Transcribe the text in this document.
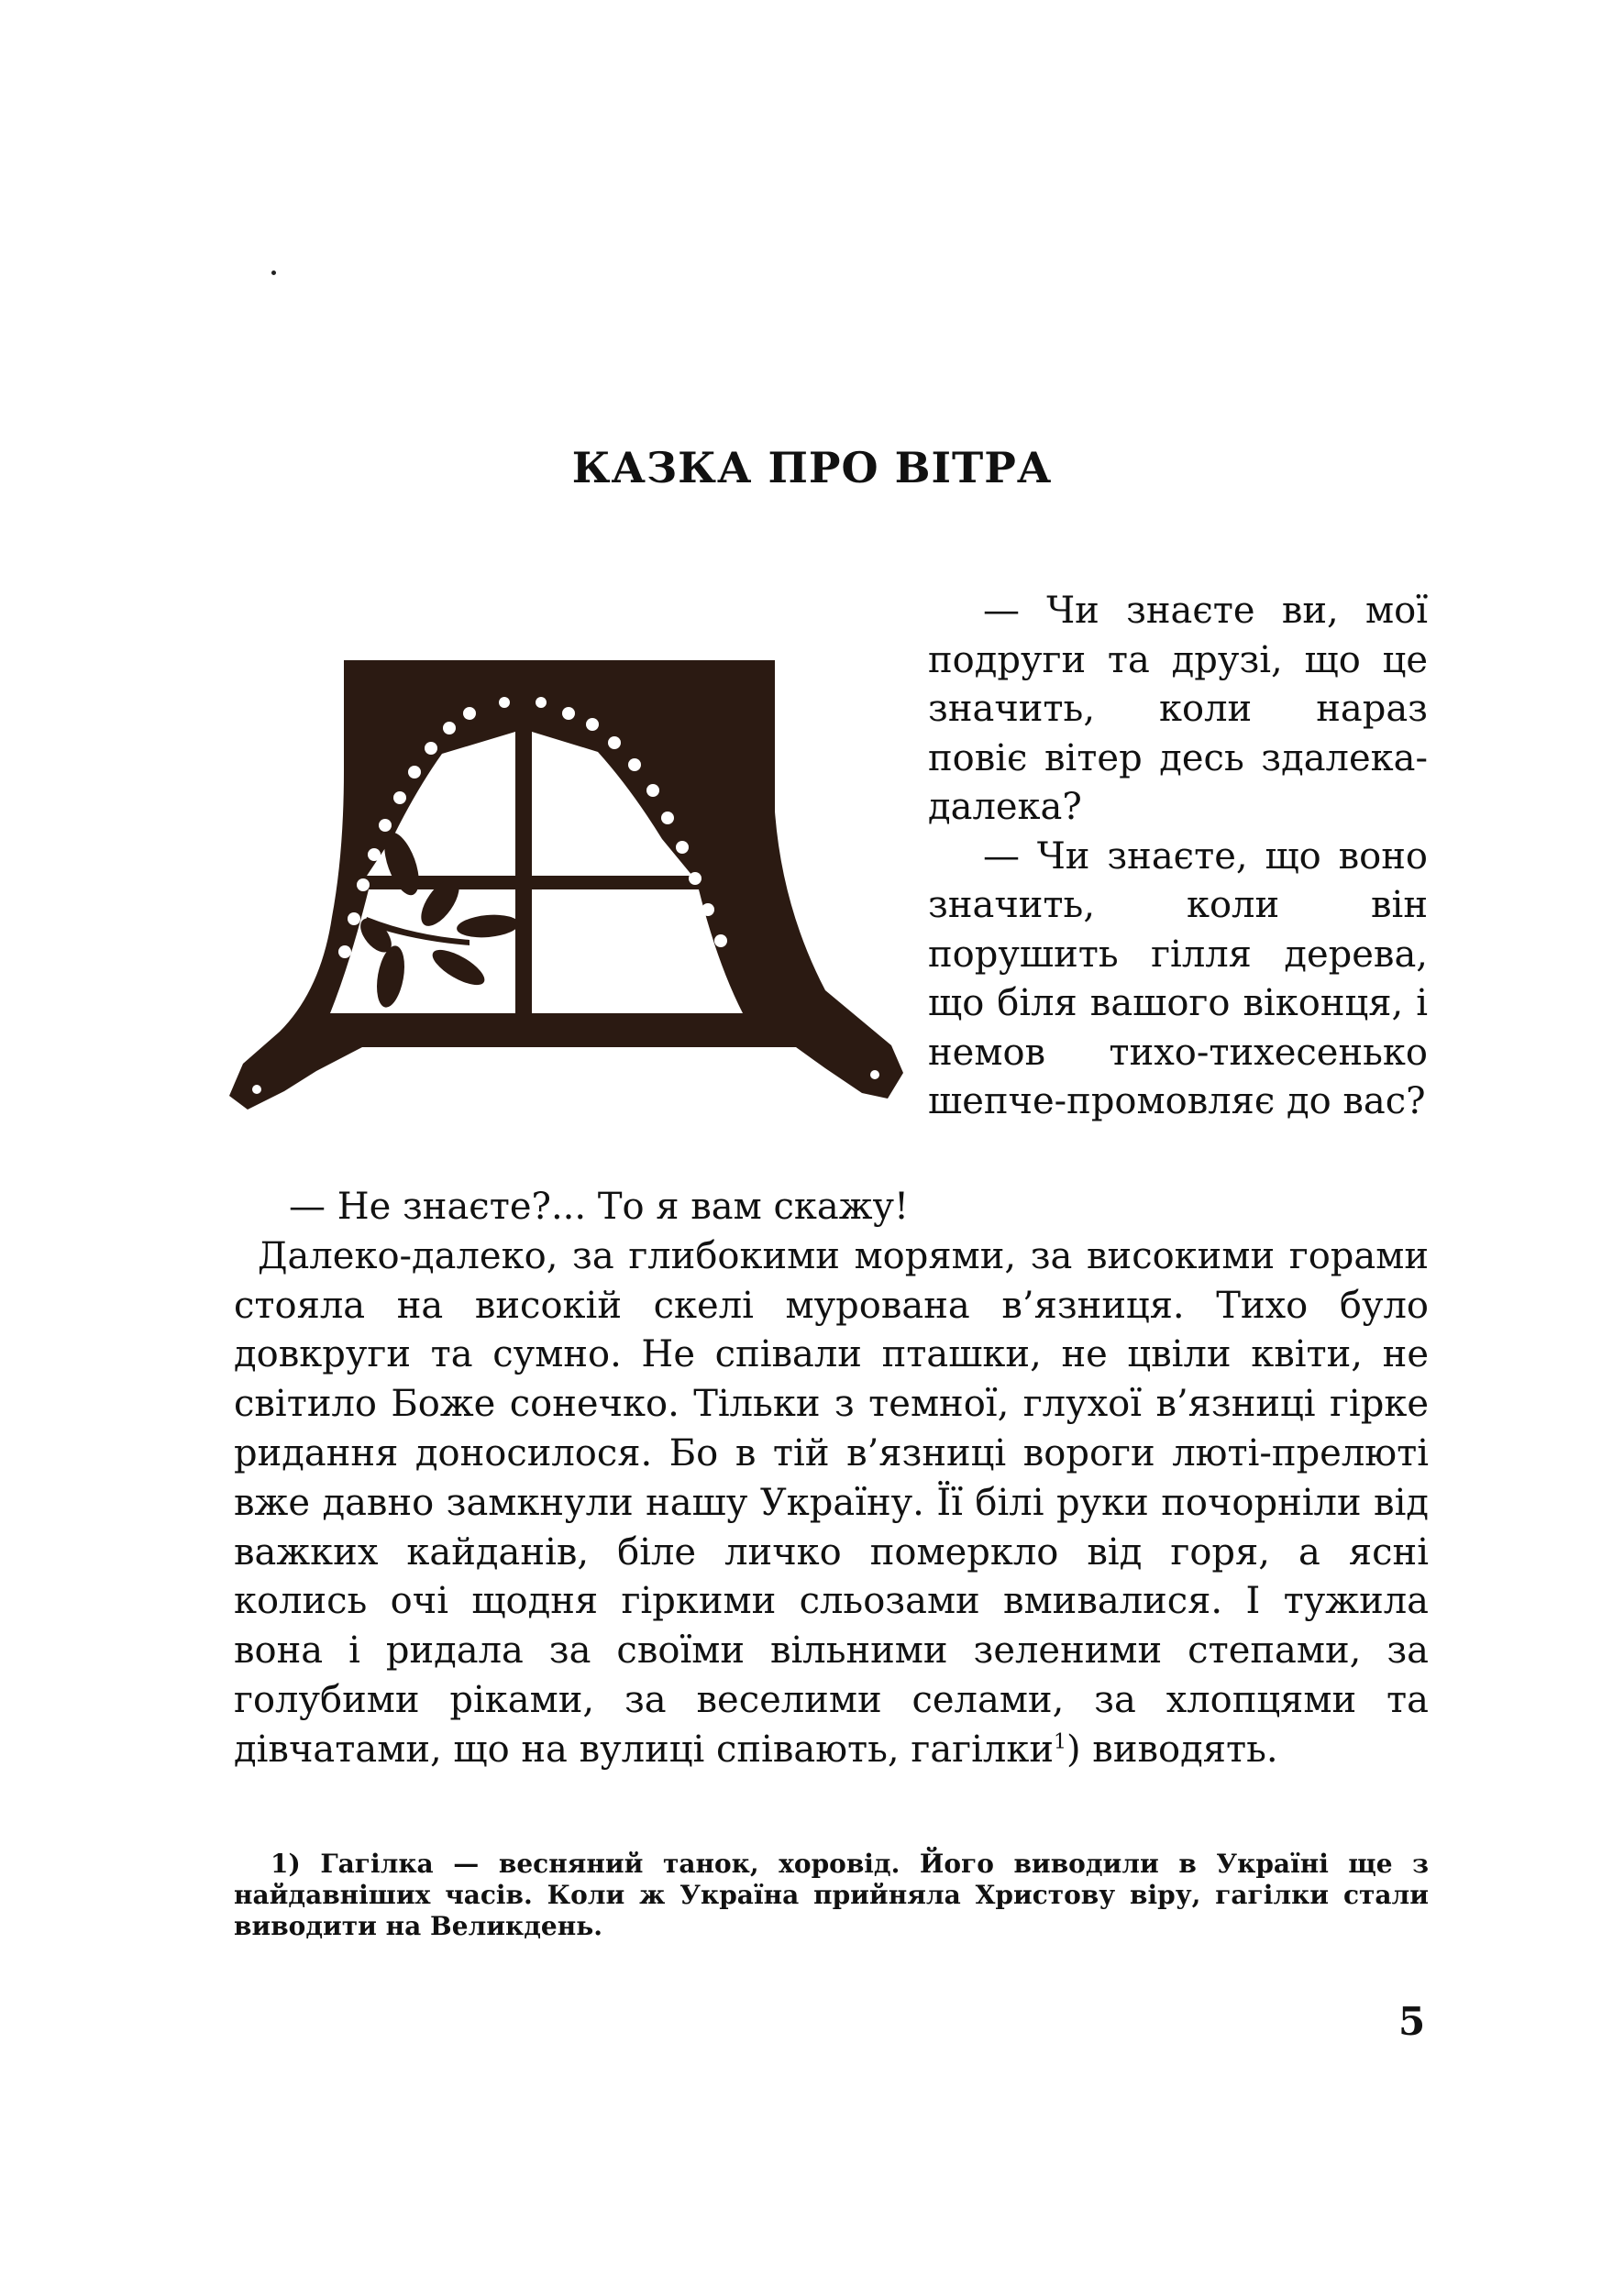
КАЗКА ПРО ВІТРА

— Чи знаєте ви, мої подруги та друзі, що це значить, коли нараз повіє вітер десь здалека-далека?

— Чи знаєте, що воно значить, коли він порушить гілля дерева, що біля вашого віконця, і немов тихо-тихесенько шепче-промовляє до вас?

— Не знаєте?... То я вам скажу!

Далеко-далеко, за глибокими морями, за високими горами стояла на високій скелі мурована в’язниця. Тихо було довкруги та сумно. Не співали пташки, не цвіли квіти, не світило Боже сонечко. Тільки з темної, глухої в’язниці гірке ридання доносилося. Бо в тій в’язниці вороги люті-прелюті вже давно замкнули нашу Україну. Її білі руки почорніли від важких кайданів, біле личко померкло від горя, а ясні колись очі щодня гіркими сльозами вмивалися. І тужила вона і ридала за своїми вільними зеленими степами, за голубими ріками, за веселими селами, за хлопцями та дівчатами, що на вулиці співають, гагілки$^1$) виводять.

1) Гагілка — весняний танок, хоровід. Його виводили в Україні ще з найдавніших часів. Коли ж Україна прийняла Христову віру, гагілки стали виводити на Великдень.

5
